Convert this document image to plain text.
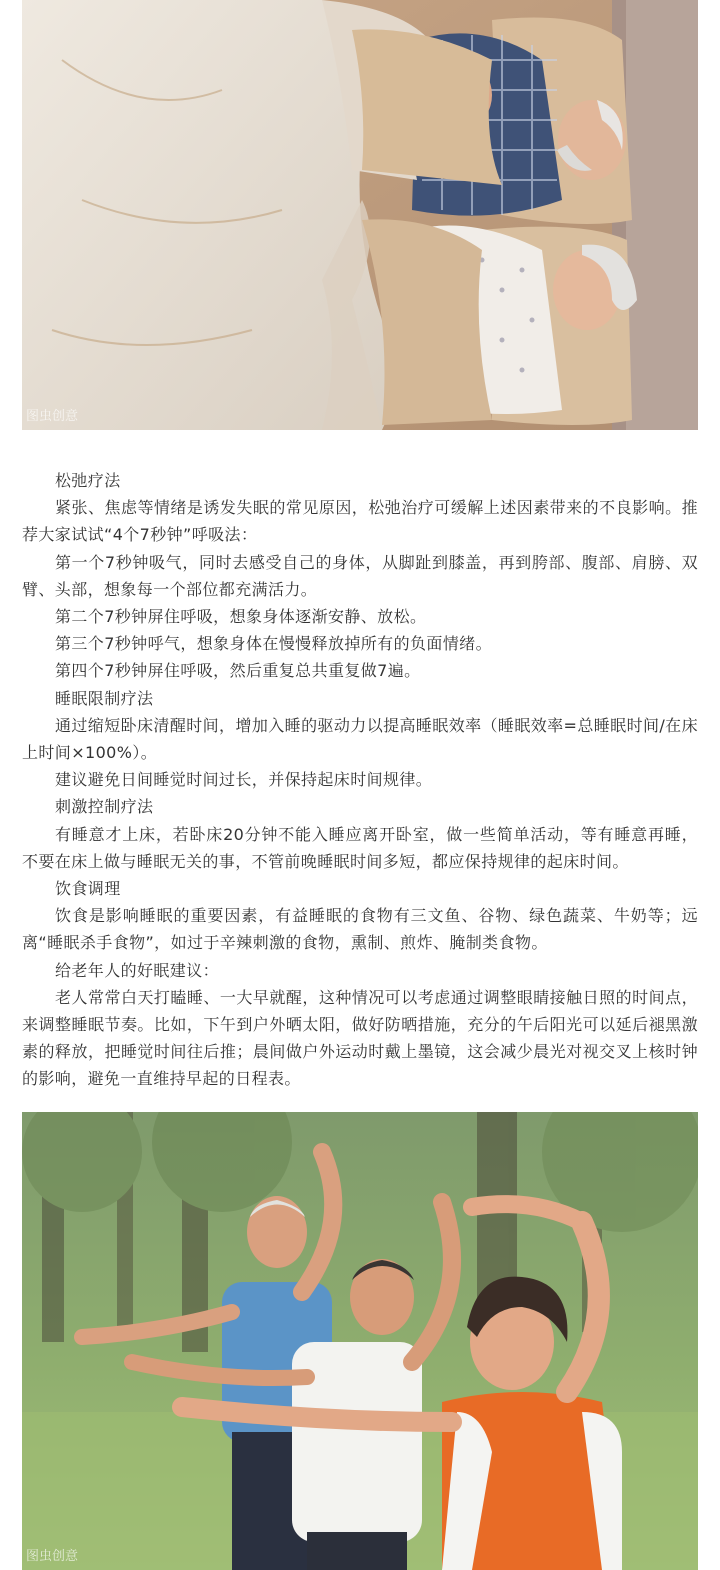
图虫创意

松弛疗法

紧张、焦虑等情绪是诱发失眠的常见原因，松弛治疗可缓解上述因素带来的不良影响。推荐大家试试“4个7秒钟”呼吸法：

第一个7秒钟吸气，同时去感受自己的身体，从脚趾到膝盖，再到胯部、腹部、肩膀、双臂、头部，想象每一个部位都充满活力。

第二个7秒钟屏住呼吸，想象身体逐渐安静、放松。

第三个7秒钟呼气，想象身体在慢慢释放掉所有的负面情绪。

第四个7秒钟屏住呼吸，然后重复总共重复做7遍。

睡眠限制疗法

通过缩短卧床清醒时间，增加入睡的驱动力以提高睡眠效率（睡眠效率=总睡眠时间/在床上时间×100%）。

建议避免日间睡觉时间过长，并保持起床时间规律。

刺激控制疗法

有睡意才上床，若卧床20分钟不能入睡应离开卧室，做一些简单活动，等有睡意再睡，不要在床上做与睡眠无关的事，不管前晚睡眠时间多短，都应保持规律的起床时间。

饮食调理

饮食是影响睡眠的重要因素，有益睡眠的食物有三文鱼、谷物、绿色蔬菜、牛奶等；远离“睡眠杀手食物”，如过于辛辣刺激的食物，熏制、煎炸、腌制类食物。

给老年人的好眠建议：

老人常常白天打瞌睡、一大早就醒，这种情况可以考虑通过调整眼睛接触日照的时间点，来调整睡眠节奏。比如，下午到户外晒太阳，做好防晒措施，充分的午后阳光可以延后褪黑激素的释放，把睡觉时间往后推；晨间做户外运动时戴上墨镜，这会减少晨光对视交叉上核时钟的影响，避免一直维持早起的日程表。

图虫创意
